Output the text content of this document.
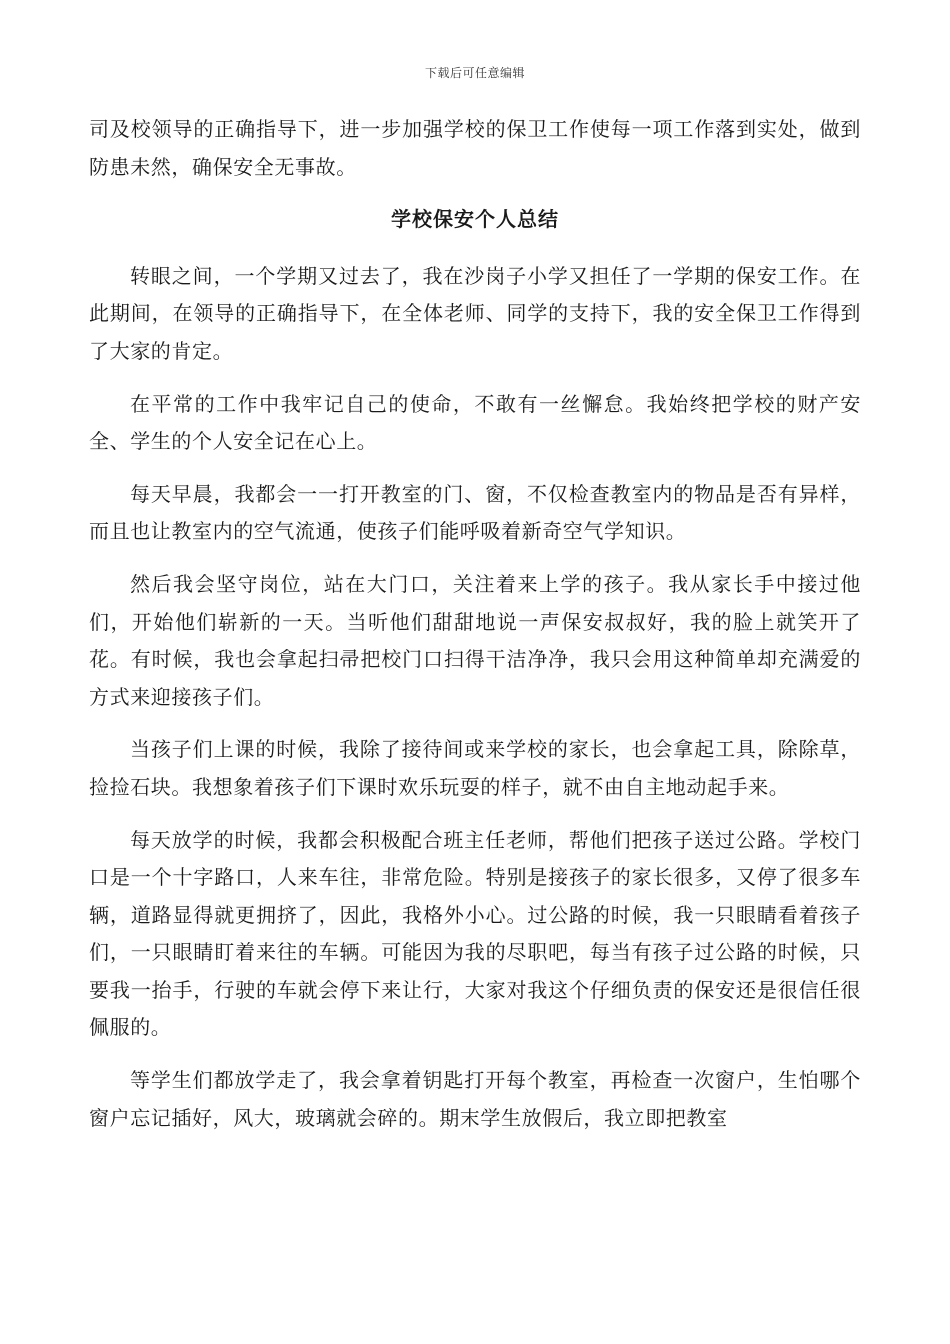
下载后可任意编辑

司及校领导的正确指导下，进一步加强学校的保卫工作使每一项工作落到实处，做到防患未然，确保安全无事故。

学校保安个人总结

转眼之间，一个学期又过去了，我在沙岗子小学又担任了一学期的保安工作。在此期间，在领导的正确指导下，在全体老师、同学的支持下，我的安全保卫工作得到了大家的肯定。

在平常的工作中我牢记自己的使命，不敢有一丝懈怠。我始终把学校的财产安全、学生的个人安全记在心上。

每天早晨，我都会一一打开教室的门、窗，不仅检查教室内的物品是否有异样，而且也让教室内的空气流通，使孩子们能呼吸着新奇空气学知识。

然后我会坚守岗位，站在大门口，关注着来上学的孩子。我从家长手中接过他们，开始他们崭新的一天。当听他们甜甜地说一声保安叔叔好，我的脸上就笑开了花。有时候，我也会拿起扫帚把校门口扫得干洁净净，我只会用这种简单却充满爱的方式来迎接孩子们。

当孩子们上课的时候，我除了接待间或来学校的家长，也会拿起工具，除除草，捡捡石块。我想象着孩子们下课时欢乐玩耍的样子，就不由自主地动起手来。

每天放学的时候，我都会积极配合班主任老师，帮他们把孩子送过公路。学校门口是一个十字路口，人来车往，非常危险。特别是接孩子的家长很多，又停了很多车辆，道路显得就更拥挤了，因此，我格外小心。过公路的时候，我一只眼睛看着孩子们，一只眼睛盯着来往的车辆。可能因为我的尽职吧，每当有孩子过公路的时候，只要我一抬手，行驶的车就会停下来让行，大家对我这个仔细负责的保安还是很信任很佩服的。

等学生们都放学走了，我会拿着钥匙打开每个教室，再检查一次窗户，生怕哪个窗户忘记插好，风大，玻璃就会碎的。期末学生放假后，我立即把教室
